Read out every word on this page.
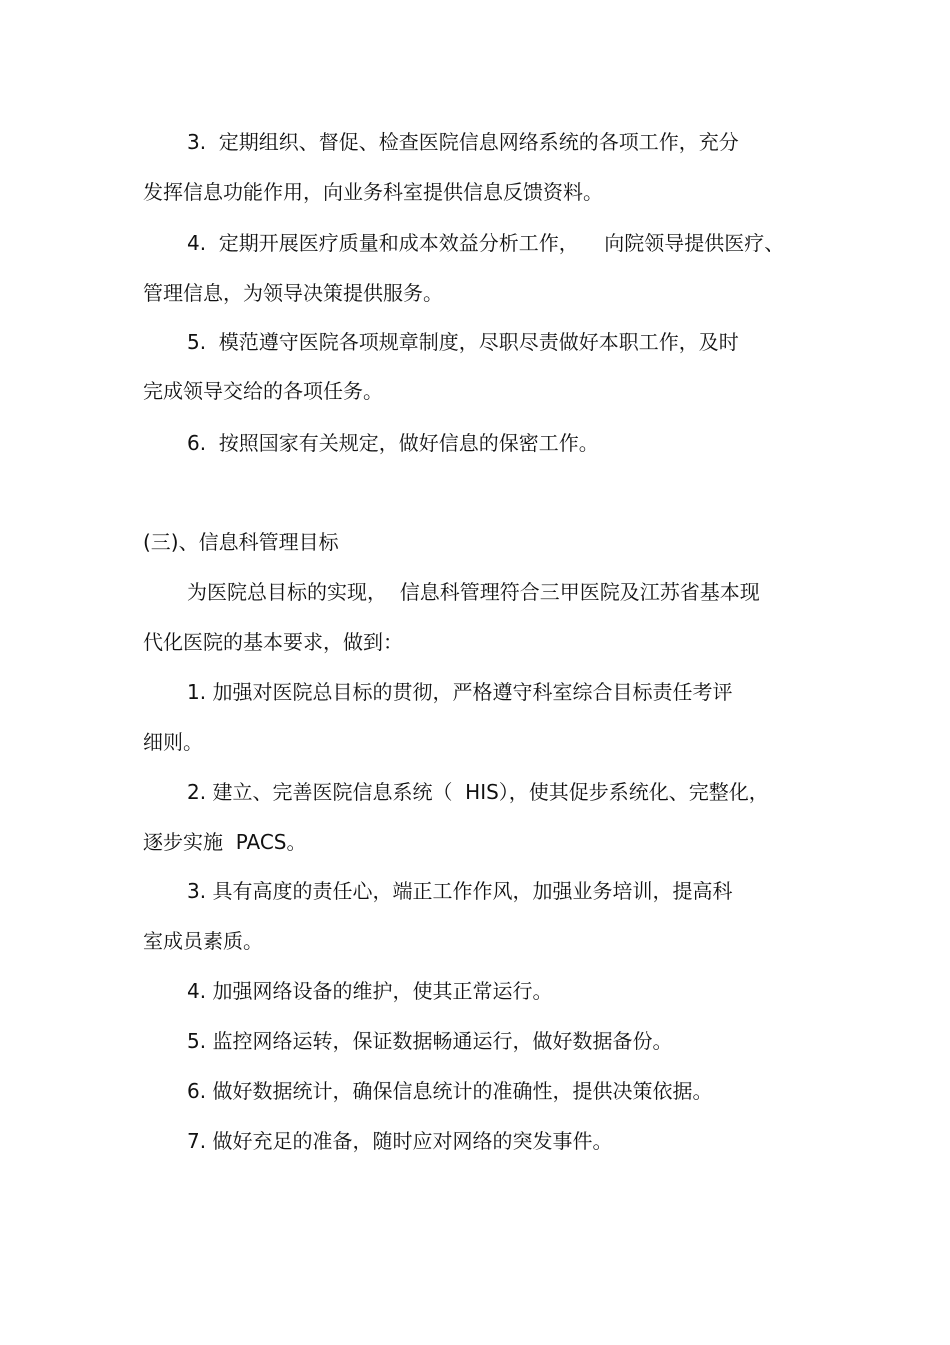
3.  定期组织、督促、检查医院信息网络系统的各项工作，充分
发挥信息功能作用，向业务科室提供信息反馈资料。
4.  定期开展医疗质量和成本效益分析工作，    向院领导提供医疗、
管理信息，为领导决策提供服务。
5.  模范遵守医院各项规章制度，尽职尽责做好本职工作，及时
完成领导交给的各项任务。
6.  按照国家有关规定，做好信息的保密工作。
(三)、信息科管理目标
为医院总目标的实现，  信息科管理符合三甲医院及江苏省基本现
代化医院的基本要求，做到：
1. 加强对医院总目标的贯彻，严格遵守科室综合目标责任考评
细则。
2. 建立、完善医院信息系统（  HIS），使其促步系统化、完整化，
逐步实施  PACS。
3. 具有高度的责任心，端正工作作风，加强业务培训，提高科
室成员素质。
4. 加强网络设备的维护，使其正常运行。
5. 监控网络运转，保证数据畅通运行，做好数据备份。
6. 做好数据统计，确保信息统计的准确性，提供决策依据。
7. 做好充足的准备，随时应对网络的突发事件。
